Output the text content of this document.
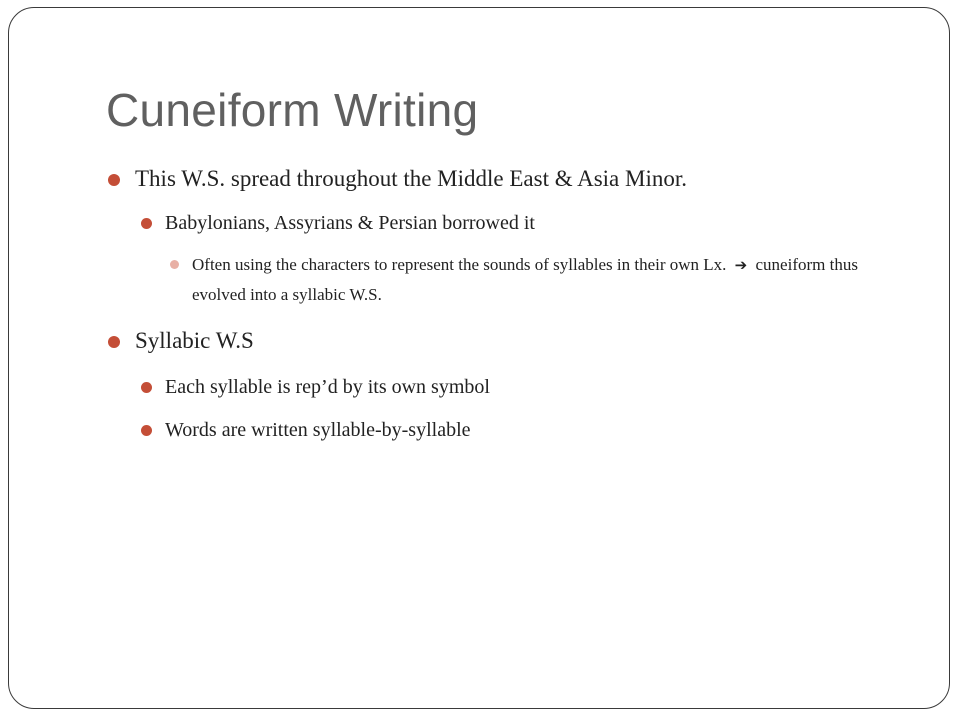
Cuneiform Writing
This W.S. spread throughout the Middle East & Asia Minor.
Babylonians, Assyrians & Persian borrowed it
Often using the characters to represent the sounds of syllables in their own Lx. ➔ cuneiform thus evolved into a syllabic W.S.
Syllabic W.S
Each syllable is rep’d by its own symbol
Words are written syllable-by-syllable
